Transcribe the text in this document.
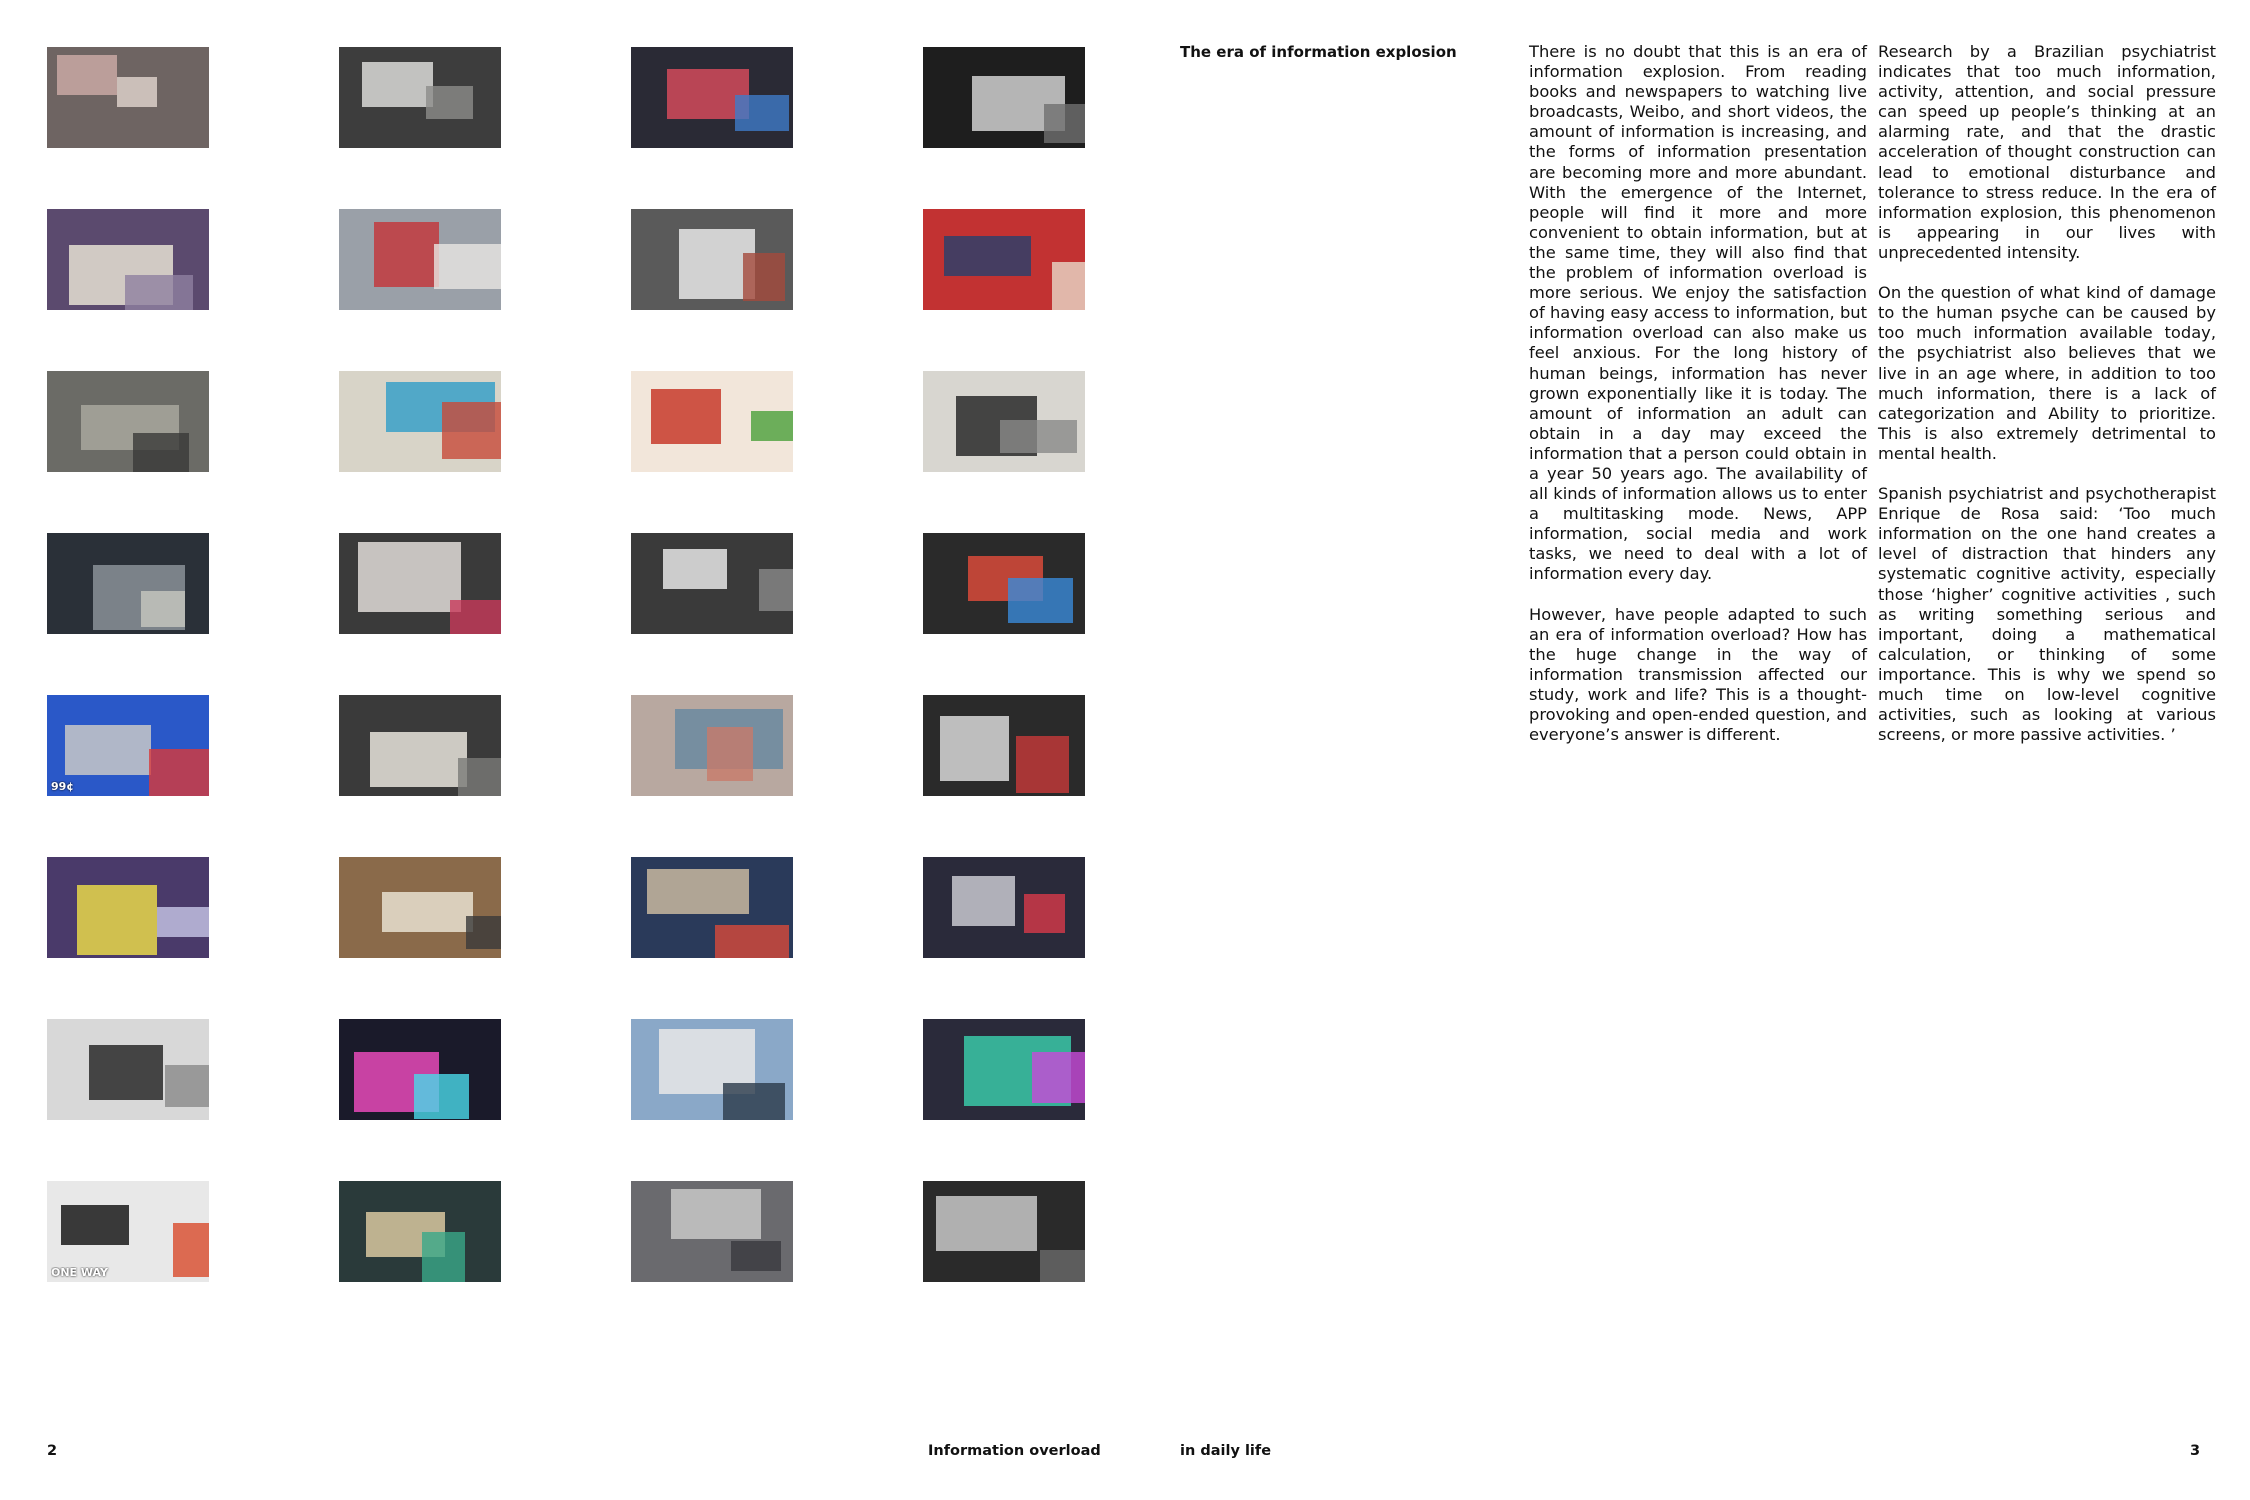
99¢
ONE WAY
The era of information explosion	There is no doubt that this is an era of information explosion. From reading books and newspapers to watching live broadcasts, Weibo, and short videos, the amount of information is increasing, and the forms of information presentation are becoming more and more abundant. With the emergence of the Internet, people will find it more and more convenient to obtain information, but at the same time, they will also find that the problem of information overload is more serious. We enjoy the satisfaction of having easy access to information, but information overload can also make us feel anxious. For the long history of human beings, information has never grown exponentially like it is today. The amount of information an adult can obtain in a day may exceed the information that a person could obtain in a year 50 years ago. The availability of all kinds of information allows us to enter a multitasking mode. News, APP information, social media and work tasks, we need to deal with a lot of information every day.

However, have people adapted to such an era of information overload? How has the huge change in the way of information transmission affected our study, work and life? This is a thought-provoking and open-ended question, and everyone’s answer is different.

Research by a Brazilian psychiatrist indicates that too much information, activity, attention, and social pressure can speed up people’s thinking at an alarming rate, and that the drastic acceleration of thought construction can lead to emotional disturbance and tolerance to stress reduce. In the era of information explosion, this phenomenon is appearing in our lives with unprecedented intensity.

On the question of what kind of damage to the human psyche can be caused by too much information available today, the psychiatrist also believes that we live in an age where, in addition to too much information, there is a lack of categorization and Ability to prioritize. This is also extremely detrimental to mental health.

Spanish psychiatrist and psychotherapist Enrique de Rosa said: ‘Too much information on the one hand creates a level of distraction that hinders any systematic cognitive activity, especially those ‘higher’ cognitive activities , such as writing something serious and important, doing a mathematical calculation, or thinking of some importance. This is why we spend so much time on low-level cognitive activities, such as looking at various screens, or more passive activities. ’

2	Information overload	in daily life	3
